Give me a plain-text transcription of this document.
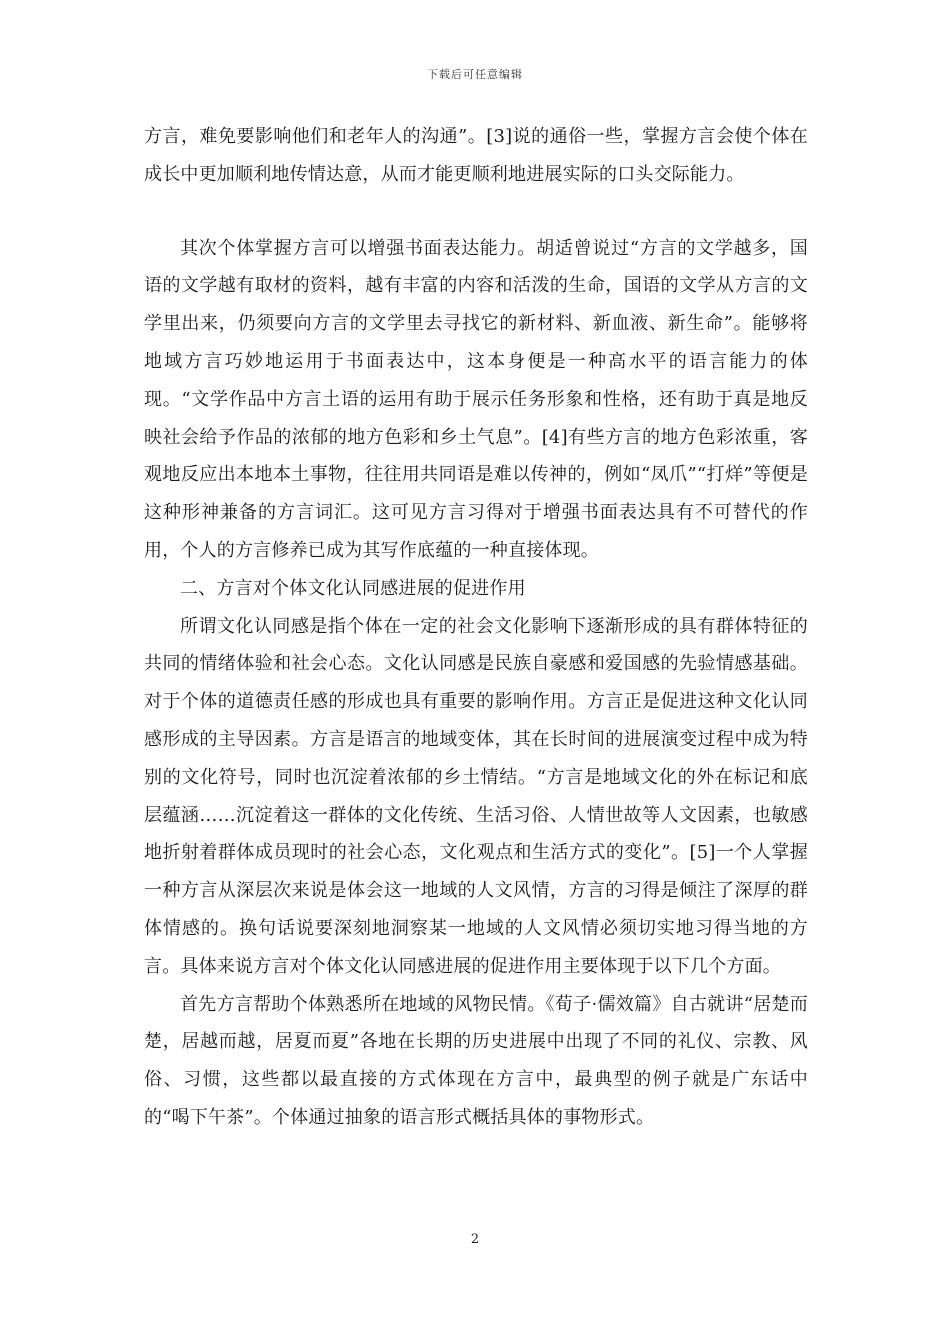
下载后可任意编辑

方言，难免要影响他们和老年人的沟通”。[3]说的通俗一些，掌握方言会使个体在成长中更加顺利地传情达意，从而才能更顺利地进展实际的口头交际能力。

其次个体掌握方言可以增强书面表达能力。胡适曾说过“方言的文学越多，国语的文学越有取材的资料，越有丰富的内容和活泼的生命，国语的文学从方言的文学里出来，仍须要向方言的文学里去寻找它的新材料、新血液、新生命”。能够将地域方言巧妙地运用于书面表达中，这本身便是一种高水平的语言能力的体现。“文学作品中方言土语的运用有助于展示任务形象和性格，还有助于真是地反映社会给予作品的浓郁的地方色彩和乡土气息”。[4]有些方言的地方色彩浓重，客观地反应出本地本土事物，往往用共同语是难以传神的，例如“凤爪”“打烊”等便是这种形神兼备的方言词汇。这可见方言习得对于增强书面表达具有不可替代的作用，个人的方言修养已成为其写作底蕴的一种直接体现。

二、方言对个体文化认同感进展的促进作用

所谓文化认同感是指个体在一定的社会文化影响下逐渐形成的具有群体特征的共同的情绪体验和社会心态。文化认同感是民族自豪感和爱国感的先验情感基础。对于个体的道德责任感的形成也具有重要的影响作用。方言正是促进这种文化认同感形成的主导因素。方言是语言的地域变体，其在长时间的进展演变过程中成为特别的文化符号，同时也沉淀着浓郁的乡土情结。“方言是地域文化的外在标记和底层蕴涵……沉淀着这一群体的文化传统、生活习俗、人情世故等人文因素，也敏感地折射着群体成员现时的社会心态，文化观点和生活方式的变化”。[5]一个人掌握一种方言从深层次来说是体会这一地域的人文风情，方言的习得是倾注了深厚的群体情感的。换句话说要深刻地洞察某一地域的人文风情必须切实地习得当地的方言。具体来说方言对个体文化认同感进展的促进作用主要体现于以下几个方面。

首先方言帮助个体熟悉所在地域的风物民情。《荀子·儒效篇》自古就讲“居楚而楚，居越而越，居夏而夏”各地在长期的历史进展中出现了不同的礼仪、宗教、风俗、习惯，这些都以最直接的方式体现在方言中，最典型的例子就是广东话中的“喝下午茶”。个体通过抽象的语言形式概括具体的事物形式。

2
